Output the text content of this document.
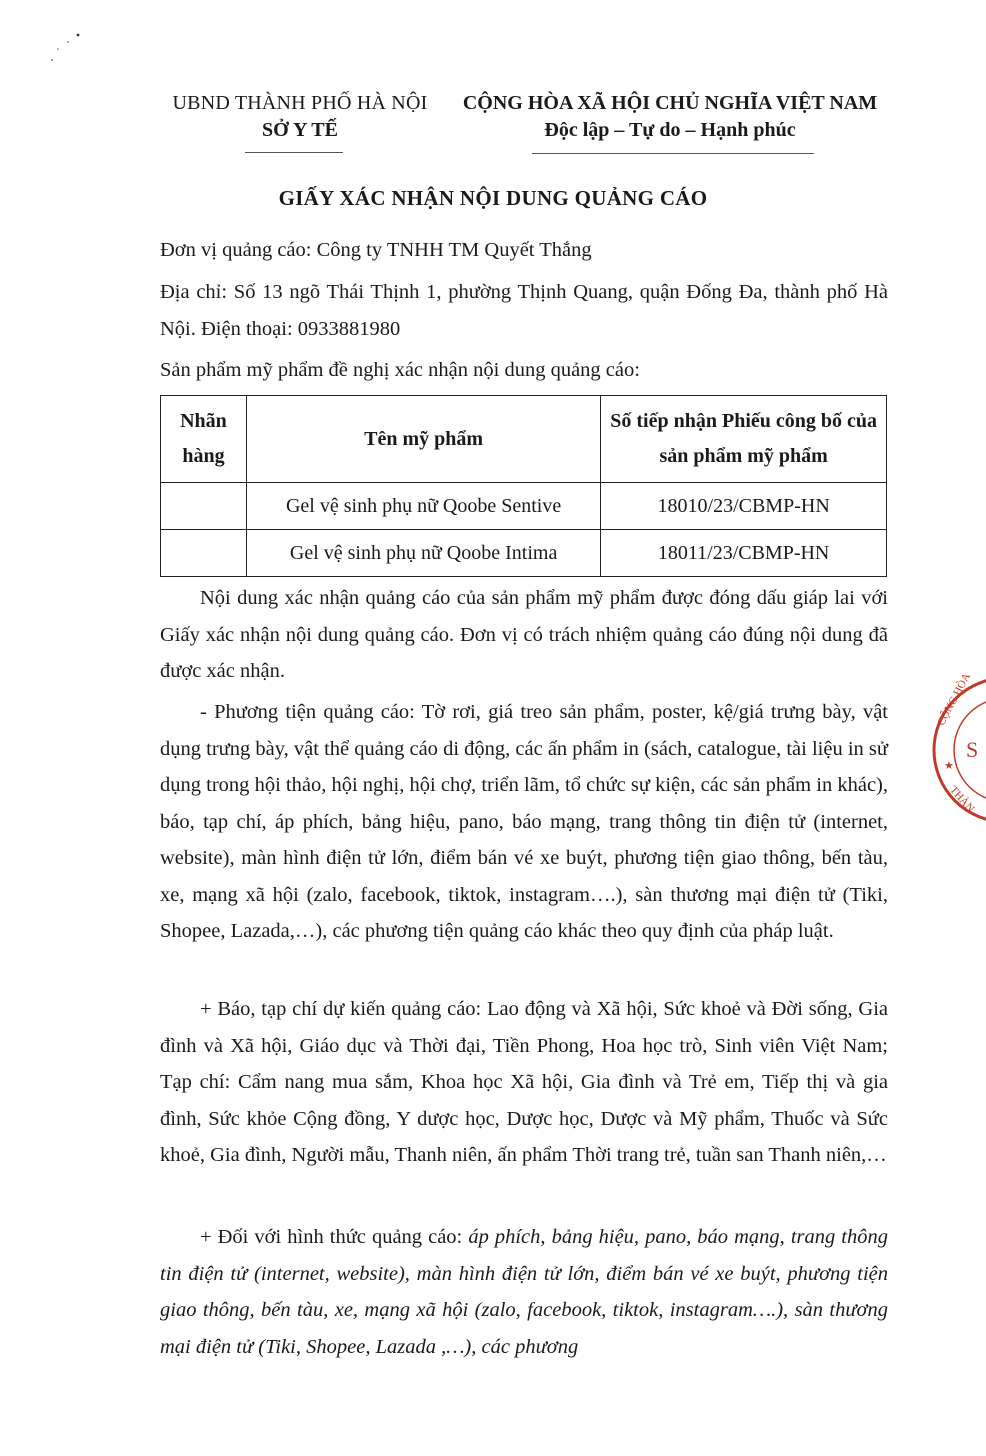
UBND THÀNH PHỐ HÀ NỘI
SỞ Y TẾ
CỘNG HÒA XÃ HỘI CHỦ NGHĨA VIỆT NAM
Độc lập – Tự do – Hạnh phúc
GIẤY XÁC NHẬN NỘI DUNG QUẢNG CÁO
Đơn vị quảng cáo: Công ty TNHH TM Quyết Thắng
Địa chỉ: Số 13 ngõ Thái Thịnh 1, phường Thịnh Quang, quận Đống Đa, thành phố Hà Nội. Điện thoại: 0933881980
Sản phẩm mỹ phẩm đề nghị xác nhận nội dung quảng cáo:
Nhãn hàng	Tên mỹ phẩm	Số tiếp nhận Phiếu công bố của sản phẩm mỹ phẩm
	Gel vệ sinh phụ nữ Qoobe Sentive	18010/23/CBMP-HN
	Gel vệ sinh phụ nữ Qoobe Intima	18011/23/CBMP-HN
Nội dung xác nhận quảng cáo của sản phẩm mỹ phẩm được đóng dấu giáp lai với Giấy xác nhận nội dung quảng cáo. Đơn vị có trách nhiệm quảng cáo đúng nội dung đã được xác nhận.
- Phương tiện quảng cáo: Tờ rơi, giá treo sản phẩm, poster, kệ/giá trưng bày, vật dụng trưng bày, vật thể quảng cáo di động, các ấn phẩm in (sách, catalogue, tài liệu in sử dụng trong hội thảo, hội nghị, hội chợ, triển lãm, tổ chức sự kiện, các sản phẩm in khác), báo, tạp chí, áp phích, bảng hiệu, pano, báo mạng, trang thông tin điện tử (internet, website), màn hình điện tử lớn, điểm bán vé xe buýt, phương tiện giao thông, bến tàu, xe, mạng xã hội (zalo, facebook, tiktok, instagram….), sàn thương mại điện tử (Tiki, Shopee, Lazada,…), các phương tiện quảng cáo khác theo quy định của pháp luật.
+ Báo, tạp chí dự kiến quảng cáo: Lao động và Xã hội, Sức khoẻ và Đời sống, Gia đình và Xã hội, Giáo dục và Thời đại, Tiền Phong, Hoa học trò, Sinh viên Việt Nam; Tạp chí: Cẩm nang mua sắm, Khoa học Xã hội, Gia đình và Trẻ em, Tiếp thị và gia đình, Sức khỏe Cộng đồng, Y dược học, Dược học, Dược và Mỹ phẩm, Thuốc và Sức khoẻ, Gia đình, Người mẫu, Thanh niên, ấn phẩm Thời trang trẻ, tuần san Thanh niên,…
+ Đối với hình thức quảng cáo: áp phích, bảng hiệu, pano, báo mạng, trang thông tin điện tử (internet, website), màn hình điện tử lớn, điểm bán vé xe buýt, phương tiện giao thông, bến tàu, xe, mạng xã hội (zalo, facebook, tiktok, instagram….), sàn thương mại điện tử (Tiki, Shopee, Lazada ,…), các phương
CỘNG HÒA
THÀN
S
★
